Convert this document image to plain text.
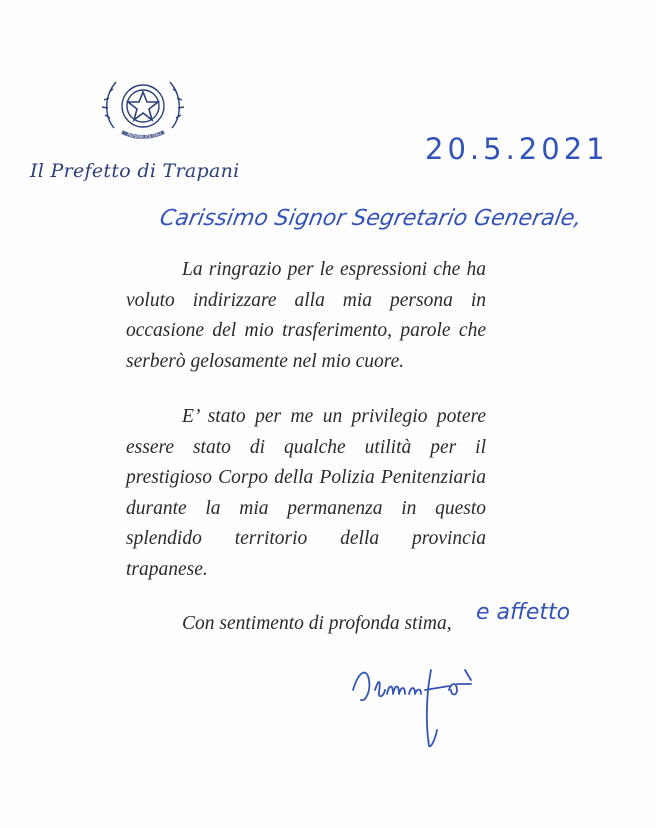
REPVBBLICA ITALI
Il Prefetto di Trapani
20.5.2021
Carissimo Signor Segretario Generale,

La ringrazio per le espressioni che ha voluto indirizzare alla mia persona in occasione del mio trasferimento, parole che serberò gelosamente nel mio cuore.

E’ stato per me un privilegio potere essere stato di qualche utilità per il prestigioso Corpo della Polizia Penitenziaria durante la mia permanenza in questo splendido territorio della provincia trapanese.

Con sentimento di profonda stima, e affetto
